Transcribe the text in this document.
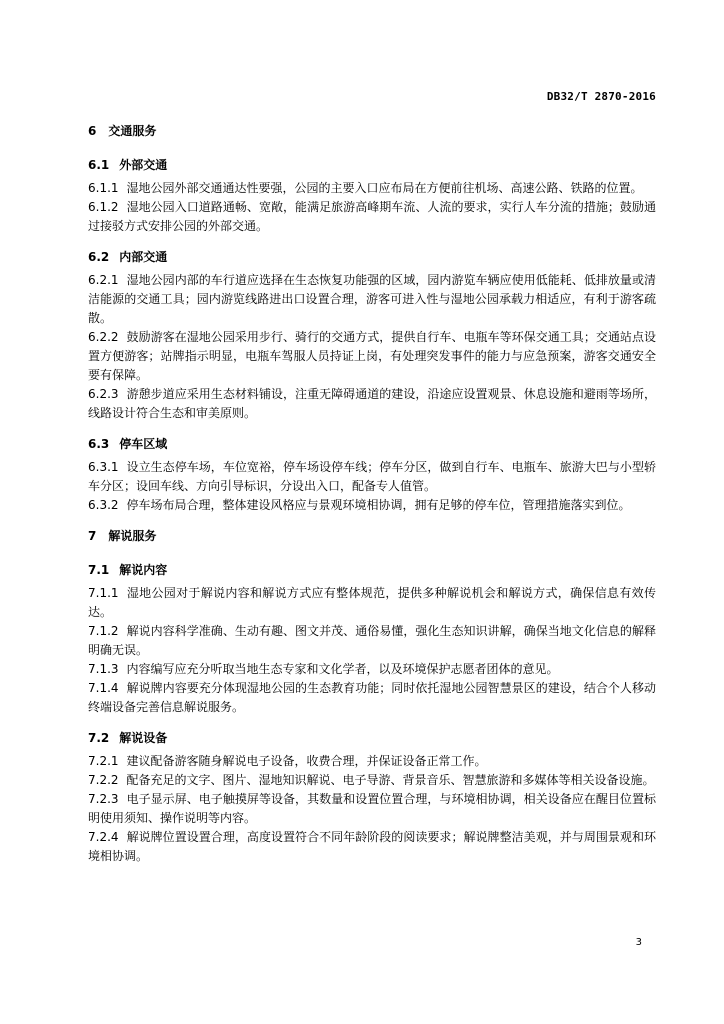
DB32/T 2870-2016
6 交通服务
6.1 外部交通

6.1.1 湿地公园外部交通通达性要强，公园的主要入口应布局在方便前往机场、高速公路、铁路的位置。

6.1.2 湿地公园入口道路通畅、宽敞，能满足旅游高峰期车流、人流的要求，实行人车分流的措施；鼓励通过接驳方式安排公园的外部交通。

6.2 内部交通

6.2.1 湿地公园内部的车行道应选择在生态恢复功能强的区域，园内游览车辆应使用低能耗、低排放量或清洁能源的交通工具；园内游览线路进出口设置合理，游客可进入性与湿地公园承载力相适应，有利于游客疏散。

6.2.2 鼓励游客在湿地公园采用步行、骑行的交通方式，提供自行车、电瓶车等环保交通工具；交通站点设置方便游客；站牌指示明显，电瓶车驾服人员持证上岗，有处理突发事件的能力与应急预案，游客交通安全要有保障。

6.2.3 游憩步道应采用生态材料铺设，注重无障碍通道的建设，沿途应设置观景、休息设施和避雨等场所，线路设计符合生态和审美原则。

6.3 停车区域

6.3.1 设立生态停车场，车位宽裕，停车场设停车线；停车分区，做到自行车、电瓶车、旅游大巴与小型轿车分区；设回车线、方向引导标识，分设出入口，配备专人值管。

6.3.2 停车场布局合理，整体建设风格应与景观环境相协调，拥有足够的停车位，管理措施落实到位。

7 解说服务
7.1 解说内容

7.1.1 湿地公园对于解说内容和解说方式应有整体规范，提供多种解说机会和解说方式，确保信息有效传达。

7.1.2 解说内容科学准确、生动有趣、图文并茂、通俗易懂，强化生态知识讲解，确保当地文化信息的解释明确无误。

7.1.3 内容编写应充分听取当地生态专家和文化学者，以及环境保护志愿者团体的意见。

7.1.4 解说牌内容要充分体现湿地公园的生态教育功能；同时依托湿地公园智慧景区的建设，结合个人移动终端设备完善信息解说服务。

7.2 解说设备

7.2.1 建议配备游客随身解说电子设备，收费合理，并保证设备正常工作。

7.2.2 配备充足的文字、图片、湿地知识解说、电子导游、背景音乐、智慧旅游和多媒体等相关设备设施。

7.2.3 电子显示屏、电子触摸屏等设备，其数量和设置位置合理，与环境相协调，相关设备应在醒目位置标明使用须知、操作说明等内容。

7.2.4 解说牌位置设置合理，高度设置符合不同年龄阶段的阅读要求；解说牌整洁美观，并与周围景观和环境相协调。

3
